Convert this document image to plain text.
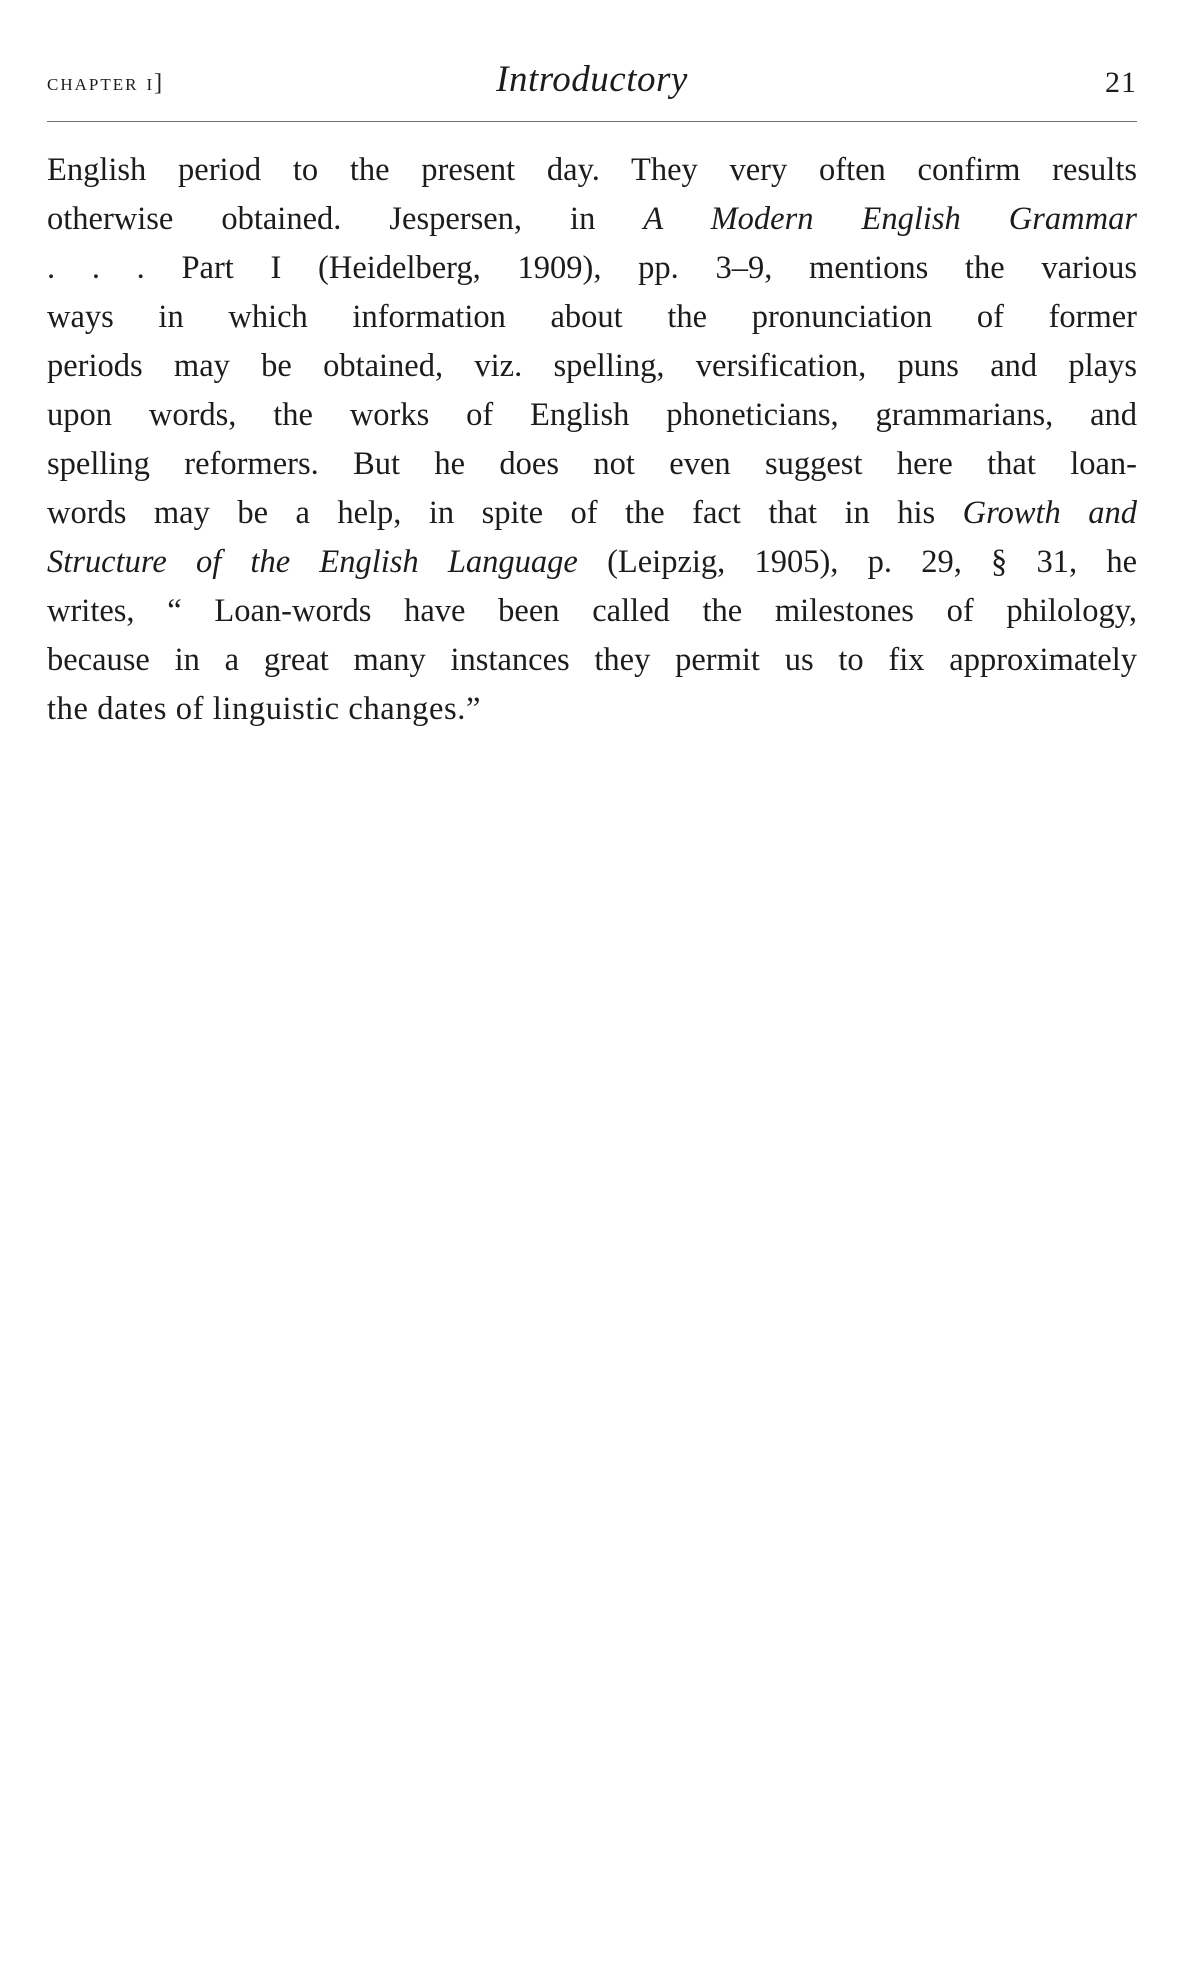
chapter i]	Introductory	21
English period to the present day. They very often confirm results
otherwise obtained. Jespersen, in A Modern English Grammar
. . . Part I (Heidelberg, 1909), pp. 3–9, mentions the various
ways in which information about the pronunciation of former
periods may be obtained, viz. spelling, versification, puns and plays
upon words, the works of English phoneticians, grammarians, and
spelling reformers. But he does not even suggest here that loan-
words may be a help, in spite of the fact that in his Growth and
Structure of the English Language (Leipzig, 1905), p. 29, § 31, he
writes, “ Loan-words have been called the milestones of philology,
because in a great many instances they permit us to fix approximately
the dates of linguistic changes.”
